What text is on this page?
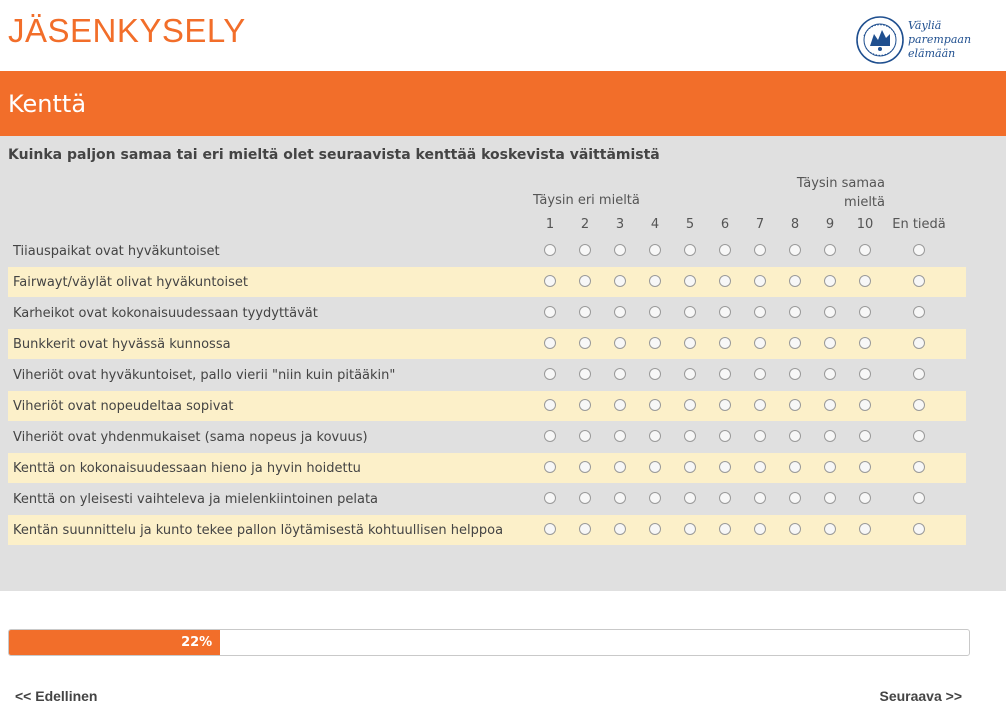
JÄSENKYSELY	Väyliä
parempaan
elämään
Kenttä
Kuinka paljon samaa tai eri mieltä olet seuraavista kenttää koskevista väittämistä
Täysin eri mieltä
Täysin samaa
mieltä
1	2	3	4	5	6	7	8	9	10	En tiedä
Tiiauspaikat ovat hyväkuntoiset
Fairwayt/väylät olivat hyväkuntoiset
Karheikot ovat kokonaisuudessaan tyydyttävät
Bunkkerit ovat hyvässä kunnossa
Viheriöt ovat hyväkuntoiset, pallo vierii "niin kuin pitääkin"
Viheriöt ovat nopeudeltaa sopivat
Viheriöt ovat yhdenmukaiset (sama nopeus ja kovuus)
Kenttä on kokonaisuudessaan hieno ja hyvin hoidettu
Kenttä on yleisesti vaihteleva ja mielenkiintoinen pelata
Kentän suunnittelu ja kunto tekee pallon löytämisestä kohtuullisen helppoa
22%
<< Edellinen	Seuraava >>
